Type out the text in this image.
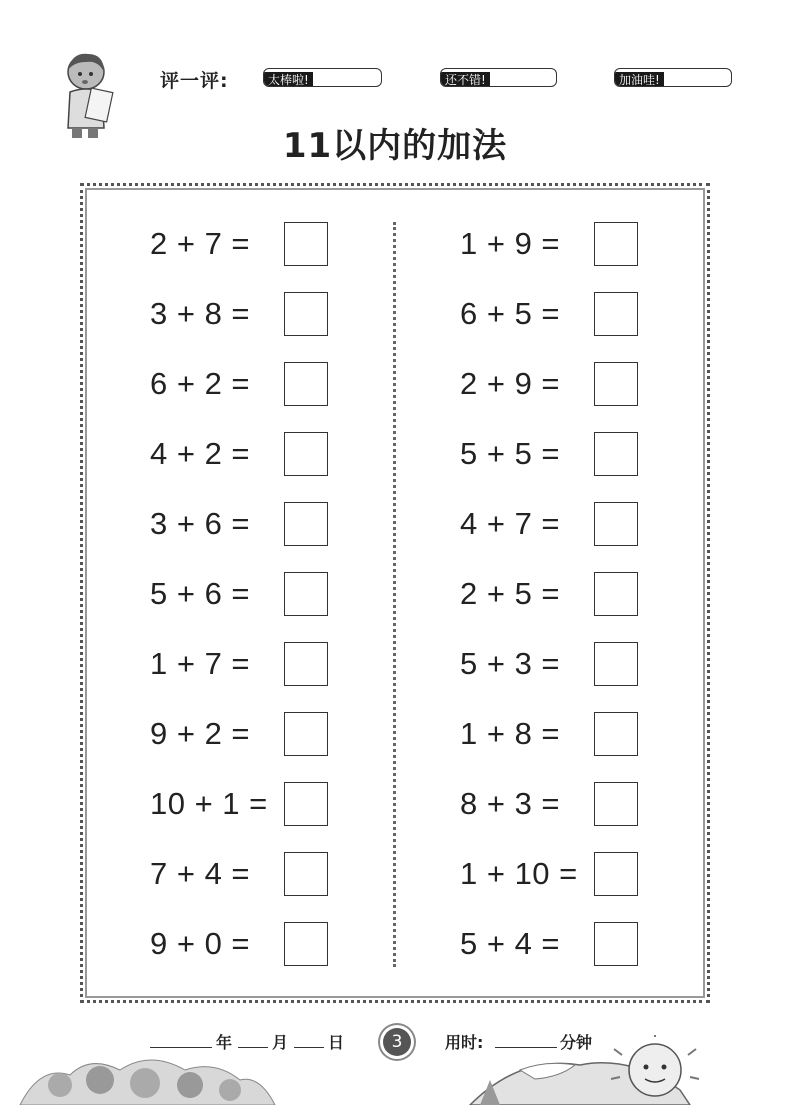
评一评:	太棒啦!	还不错!	加油哇!
11以内的加法
2 + 7 =
3 + 8 =
6 + 2 =
4 + 2 =
3 + 6 =
5 + 6 =
1 + 7 =
9 + 2 =
10 + 1 =
7 + 4 =
9 + 0 =
1 + 9 =
6 + 5 =
2 + 9 =
5 + 5 =
4 + 7 =
2 + 5 =
5 + 3 =
1 + 8 =
8 + 3 =
1 + 10 =
5 + 4 =
年 月 日	3	用时:	分钟
